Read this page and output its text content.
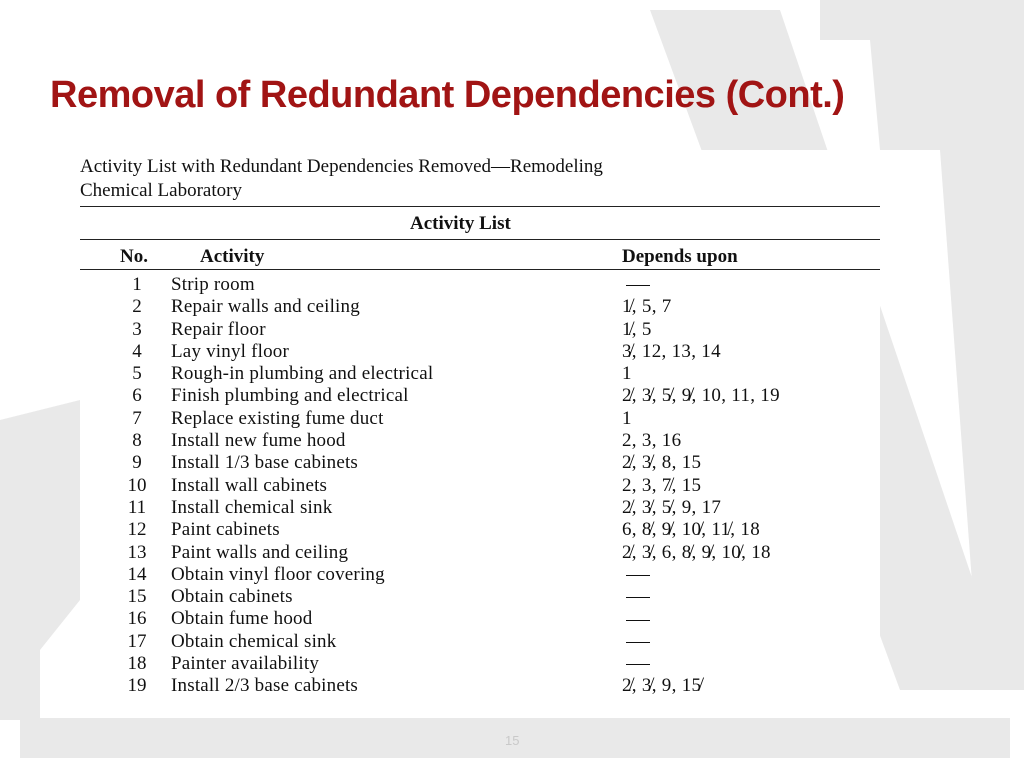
Removal of Redundant Dependencies (Cont.)
Activity List with Redundant Dependencies Removed—Remodeling
Chemical Laboratory
Activity List
No.	Activity	Depends upon
1	Strip room
2	Repair walls and ceiling	1̸, 5, 7
3	Repair floor	1̸, 5
4	Lay vinyl floor	3̸, 12, 13, 14
5	Rough-in plumbing and electrical	1
6	Finish plumbing and electrical	2̸, 3̸, 5̸, 9̸, 10, 11, 19
7	Replace existing fume duct	1
8	Install new fume hood	2, 3, 16
9	Install 1/3 base cabinets	2̸, 3̸, 8, 15
10	Install wall cabinets	2, 3, 7̸, 15
11	Install chemical sink	2̸, 3̸, 5̸, 9, 17
12	Paint cabinets	6, 8̸, 9̸, 10̸, 11̸, 18
13	Paint walls and ceiling	2̸, 3̸, 6, 8̸, 9̸, 10̸, 18
14	Obtain vinyl floor covering
15	Obtain cabinets
16	Obtain fume hood
17	Obtain chemical sink
18	Painter availability
19	Install 2/3 base cabinets	2̸, 3̸, 9, 15̸
15
